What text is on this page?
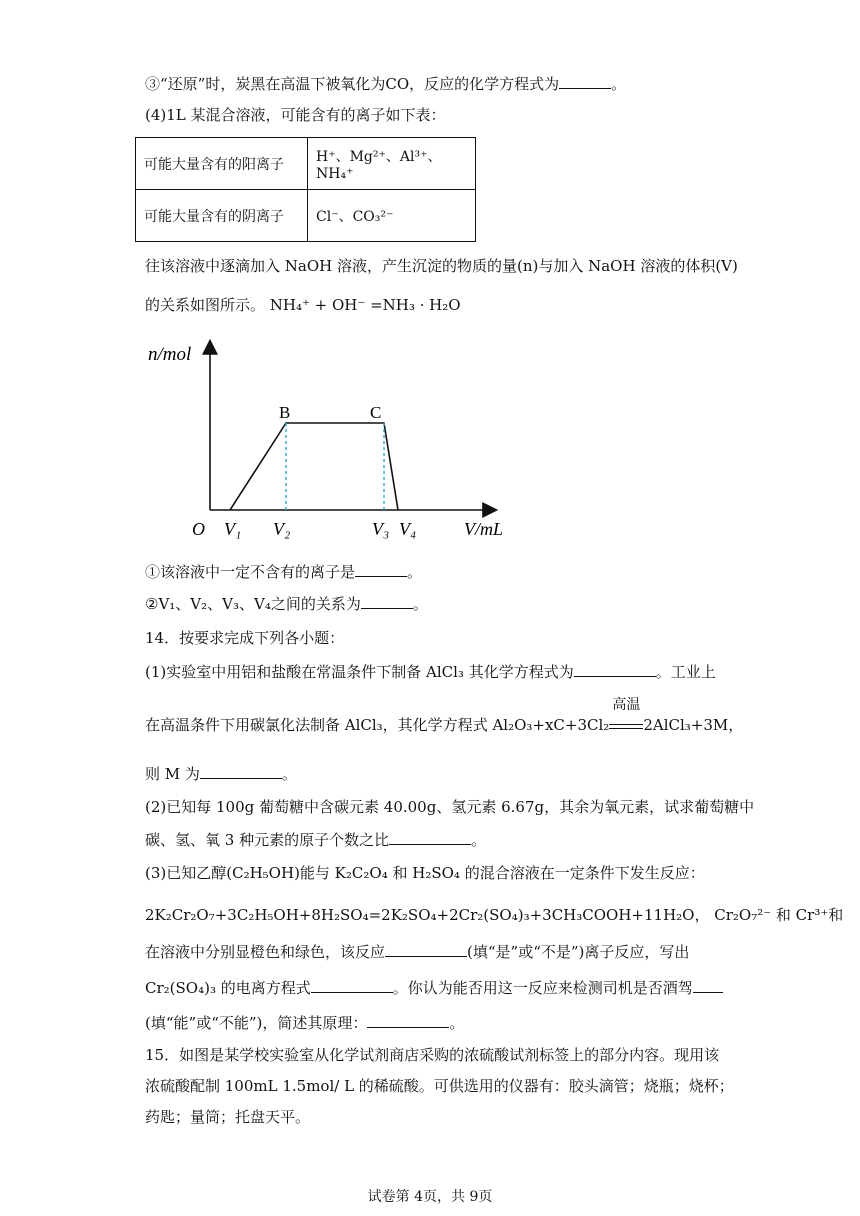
③“还原”时，炭黑在高温下被氧化为CO，反应的化学方程式为	。
(4)1L 某混合溶液，可能含有的离子如下表：
可能大量含有的阳离子	H⁺、Mg²⁺、Al³⁺、NH₄⁺
可能大量含有的阴离子	Cl⁻、CO₃²⁻
往该溶液中逐滴加入 NaOH 溶液，产生沉淀的物质的量(n)与加入 NaOH 溶液的体积(V)
的关系如图所示。 NH₄⁺ + OH⁻ =NH₃ · H₂O
n/mol
O	V/mL
B	C
V₁ V₂	V₃ V₄
①该溶液中一定不含有的离子是	。
②V₁、V₂、V₃、V₄之间的关系为	。
14．按要求完成下列各小题：
(1)实验室中用铝和盐酸在常温条件下制备 AlCl₃ 其化学方程式为	。工业上
在高温条件下用碳氯化法制备 AlCl₃，其化学方程式 Al₂O₃+xC+3Cl₂
高温
2AlCl₃+3M，
则 M 为	。
(2)已知每 100g 葡萄糖中含碳元素 40.00g、氢元素 6.67g，其余为氧元素，试求葡萄糖中
碳、氢、氧 3 种元素的原子个数之比	。
(3)已知乙醇(C₂H₅OH)能与 K₂C₂O₄ 和 H₂SO₄ 的混合溶液在一定条件下发生反应：
2K₂Cr₂O₇+3C₂H₅OH+8H₂SO₄=2K₂SO₄+2Cr₂(SO₄)₃+3CH₃COOH+11H₂O， Cr₂O₇²⁻ 和 Cr³⁺和
在溶液中分别显橙色和绿色，该反应	(填“是”或“不是”)离子反应，写出
Cr₂(SO₄)₃ 的电离方程式	。你认为能否用这一反应来检测司机是否酒驾
(填“能”或“不能”)，简述其原理：	。
15．如图是某学校实验室从化学试剂商店采购的浓硫酸试剂标签上的部分内容。现用该
浓硫酸配制 100mL 1.5mol/ L 的稀硫酸。可供选用的仪器有：胶头滴管；烧瓶；烧杯；
药匙；量筒；托盘天平。
试卷第 4页，共 9页
